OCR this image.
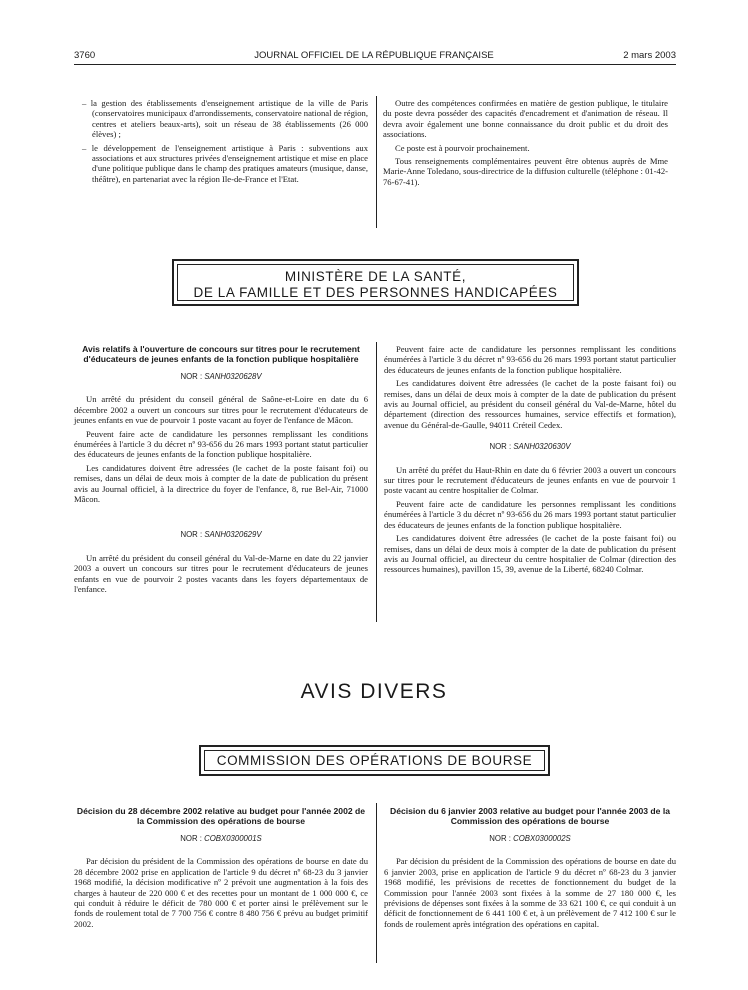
3760	JOURNAL OFFICIEL DE LA RÉPUBLIQUE FRANÇAISE	2 mars 2003
– la gestion des établissements d'enseignement artistique de la ville de Paris (conservatoires municipaux d'arrondissements, conservatoire national de région, centres et ateliers beaux-arts), soit un réseau de 38 établissements (26 000 élèves) ;
– le développement de l'enseignement artistique à Paris : subventions aux associations et aux structures privées d'enseignement artistique et mise en place d'une politique publique dans le champ des pratiques amateurs (musique, danse, théâtre), en partenariat avec la région Ile-de-France et l'Etat.

Outre des compétences confirmées en matière de gestion publique, le titulaire du poste devra posséder des capacités d'encadrement et d'animation de réseau. Il devra avoir également une bonne connaissance du droit public et du droit des associations.

Ce poste est à pourvoir prochainement.

Tous renseignements complémentaires peuvent être obtenus auprès de Mme Marie-Anne Toledano, sous-directrice de la diffusion culturelle (téléphone : 01-42-76-67-41).

MINISTÈRE DE LA SANTÉ,
DE LA FAMILLE ET DES PERSONNES HANDICAPÉES
Avis relatifs à l'ouverture de concours sur titres pour le recrutement d'éducateurs de jeunes enfants de la fonction publique hospitalière
NOR : SANH0320628V

Un arrêté du président du conseil général de Saône-et-Loire en date du 6 décembre 2002 a ouvert un concours sur titres pour le recrutement d'éducateurs de jeunes enfants en vue de pourvoir 1 poste vacant au foyer de l'enfance de Mâcon.

Peuvent faire acte de candidature les personnes remplissant les conditions énumérées à l'article 3 du décret nº 93-656 du 26 mars 1993 portant statut particulier des éducateurs de jeunes enfants de la fonction publique hospitalière.

Les candidatures doivent être adressées (le cachet de la poste faisant foi) ou remises, dans un délai de deux mois à compter de la date de publication du présent avis au Journal officiel, à la directrice du foyer de l'enfance, 8, rue Bel-Air, 71000 Mâcon.

NOR : SANH0320629V

Un arrêté du président du conseil général du Val-de-Marne en date du 22 janvier 2003 a ouvert un concours sur titres pour le recrutement d'éducateurs de jeunes enfants en vue de pourvoir 2 postes vacants dans les foyers départementaux de l'enfance.

Peuvent faire acte de candidature les personnes remplissant les conditions énumérées à l'article 3 du décret nº 93-656 du 26 mars 1993 portant statut particulier des éducateurs de jeunes enfants de la fonction publique hospitalière.

Les candidatures doivent être adressées (le cachet de la poste faisant foi) ou remises, dans un délai de deux mois à compter de la date de publication du présent avis au Journal officiel, au président du conseil général du Val-de-Marne, hôtel du département (direction des ressources humaines, service effectifs et formation), avenue du Général-de-Gaulle, 94011 Créteil Cedex.

NOR : SANH0320630V

Un arrêté du préfet du Haut-Rhin en date du 6 février 2003 a ouvert un concours sur titres pour le recrutement d'éducateurs de jeunes enfants en vue de pourvoir 1 poste vacant au centre hospitalier de Colmar.

Peuvent faire acte de candidature les personnes remplissant les conditions énumérées à l'article 3 du décret nº 93-656 du 26 mars 1993 portant statut particulier des éducateurs de jeunes enfants de la fonction publique hospitalière.

Les candidatures doivent être adressées (le cachet de la poste faisant foi) ou remises, dans un délai de deux mois à compter de la date de publication du présent avis au Journal officiel, au directeur du centre hospitalier de Colmar (direction des ressources humaines), pavillon 15, 39, avenue de la Liberté, 68240 Colmar.

AVIS DIVERS
COMMISSION DES OPÉRATIONS DE BOURSE
Décision du 28 décembre 2002 relative au budget pour l'année 2002 de la Commission des opérations de bourse
NOR : COBX0300001S

Par décision du président de la Commission des opérations de bourse en date du 28 décembre 2002 prise en application de l'article 9 du décret nº 68-23 du 3 janvier 1968 modifié, la décision modificative nº 2 prévoit une augmentation à la fois des charges à hauteur de 220 000 € et des recettes pour un montant de 1 000 000 €, ce qui conduit à réduire le déficit de 780 000 € et porter ainsi le prélèvement sur le fonds de roulement total de 7 700 756 € contre 8 480 756 € prévu au budget primitif 2002.

Décision du 6 janvier 2003 relative au budget pour l'année 2003 de la Commission des opérations de bourse
NOR : COBX0300002S

Par décision du président de la Commission des opérations de bourse en date du 6 janvier 2003, prise en application de l'article 9 du décret nº 68-23 du 3 janvier 1968 modifié, les prévisions de recettes de fonctionnement du budget de la Commission pour l'année 2003 sont fixées à la somme de 27 180 000 €, les prévisions de dépenses sont fixées à la somme de 33 621 100 €, ce qui conduit à un déficit de fonctionnement de 6 441 100 € et, à un prélèvement de 7 412 100 € sur le fonds de roulement après intégration des opérations en capital.
